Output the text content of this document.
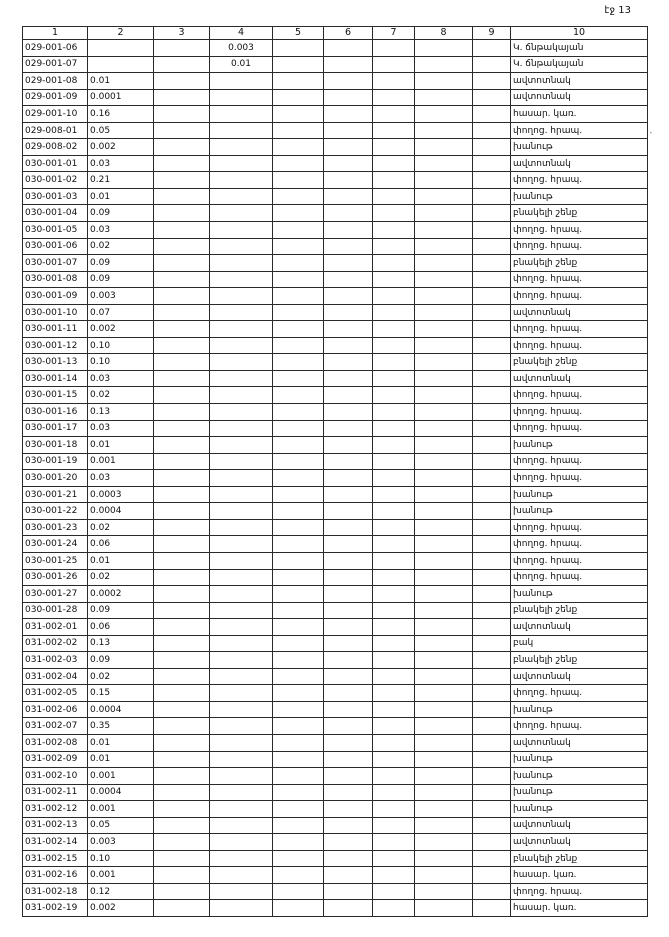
էջ 13
1	2	3	4	5	6	7	8	9	10
029-001-06			0.003						Կ. ճնթակայան
029-001-07			0.01						Կ. ճնթակայան
029-001-08	0.01								ավտոտնակ
029-001-09	0.0001								ավտոտնակ
029-001-10	0.16								հասար. կառ.
029-008-01	0.05								փողոց. հրապ.
029-008-02	0.002								խանութ
030-001-01	0.03								ավտոտնակ
030-001-02	0.21								փողոց. հրապ.
030-001-03	0.01								խանութ
030-001-04	0.09								բնակելի շենք
030-001-05	0.03								փողոց. հրապ.
030-001-06	0.02								փողոց. հրապ.
030-001-07	0.09								բնակելի շենք
030-001-08	0.09								փողոց. հրապ.
030-001-09	0.003								փողոց. հրապ.
030-001-10	0.07								ավտոտնակ
030-001-11	0.002								փողոց. հրապ.
030-001-12	0.10								փողոց. հրապ.
030-001-13	0.10								բնակելի շենք
030-001-14	0.03								ավտոտնակ
030-001-15	0.02								փողոց. հրապ.
030-001-16	0.13								փողոց. հրապ.
030-001-17	0.03								փողոց. հրապ.
030-001-18	0.01								խանութ
030-001-19	0.001								փողոց. հրապ.
030-001-20	0.03								փողոց. հրապ.
030-001-21	0.0003								խանութ
030-001-22	0.0004								խանութ
030-001-23	0.02								փողոց. հրապ.
030-001-24	0.06								փողոց. հրապ.
030-001-25	0.01								փողոց. հրապ.
030-001-26	0.02								փողոց. հրապ.
030-001-27	0.0002								խանութ
030-001-28	0.09								բնակելի շենք
031-002-01	0.06								ավտոտնակ
031-002-02	0.13								բակ
031-002-03	0.09								բնակելի շենք
031-002-04	0.02								ավտոտնակ
031-002-05	0.15								փողոց. հրապ.
031-002-06	0.0004								խանութ
031-002-07	0.35								փողոց. հրապ.
031-002-08	0.01								ավտոտնակ
031-002-09	0.01								խանութ
031-002-10	0.001								խանութ
031-002-11	0.0004								խանութ
031-002-12	0.001								խանութ
031-002-13	0.05								ավտոտնակ
031-002-14	0.003								ավտոտնակ
031-002-15	0.10								բնակելի շենք
031-002-16	0.001								հասար. կառ.
031-002-18	0.12								փողոց. հրապ.
031-002-19	0.002								հասար. կառ.
᠊
